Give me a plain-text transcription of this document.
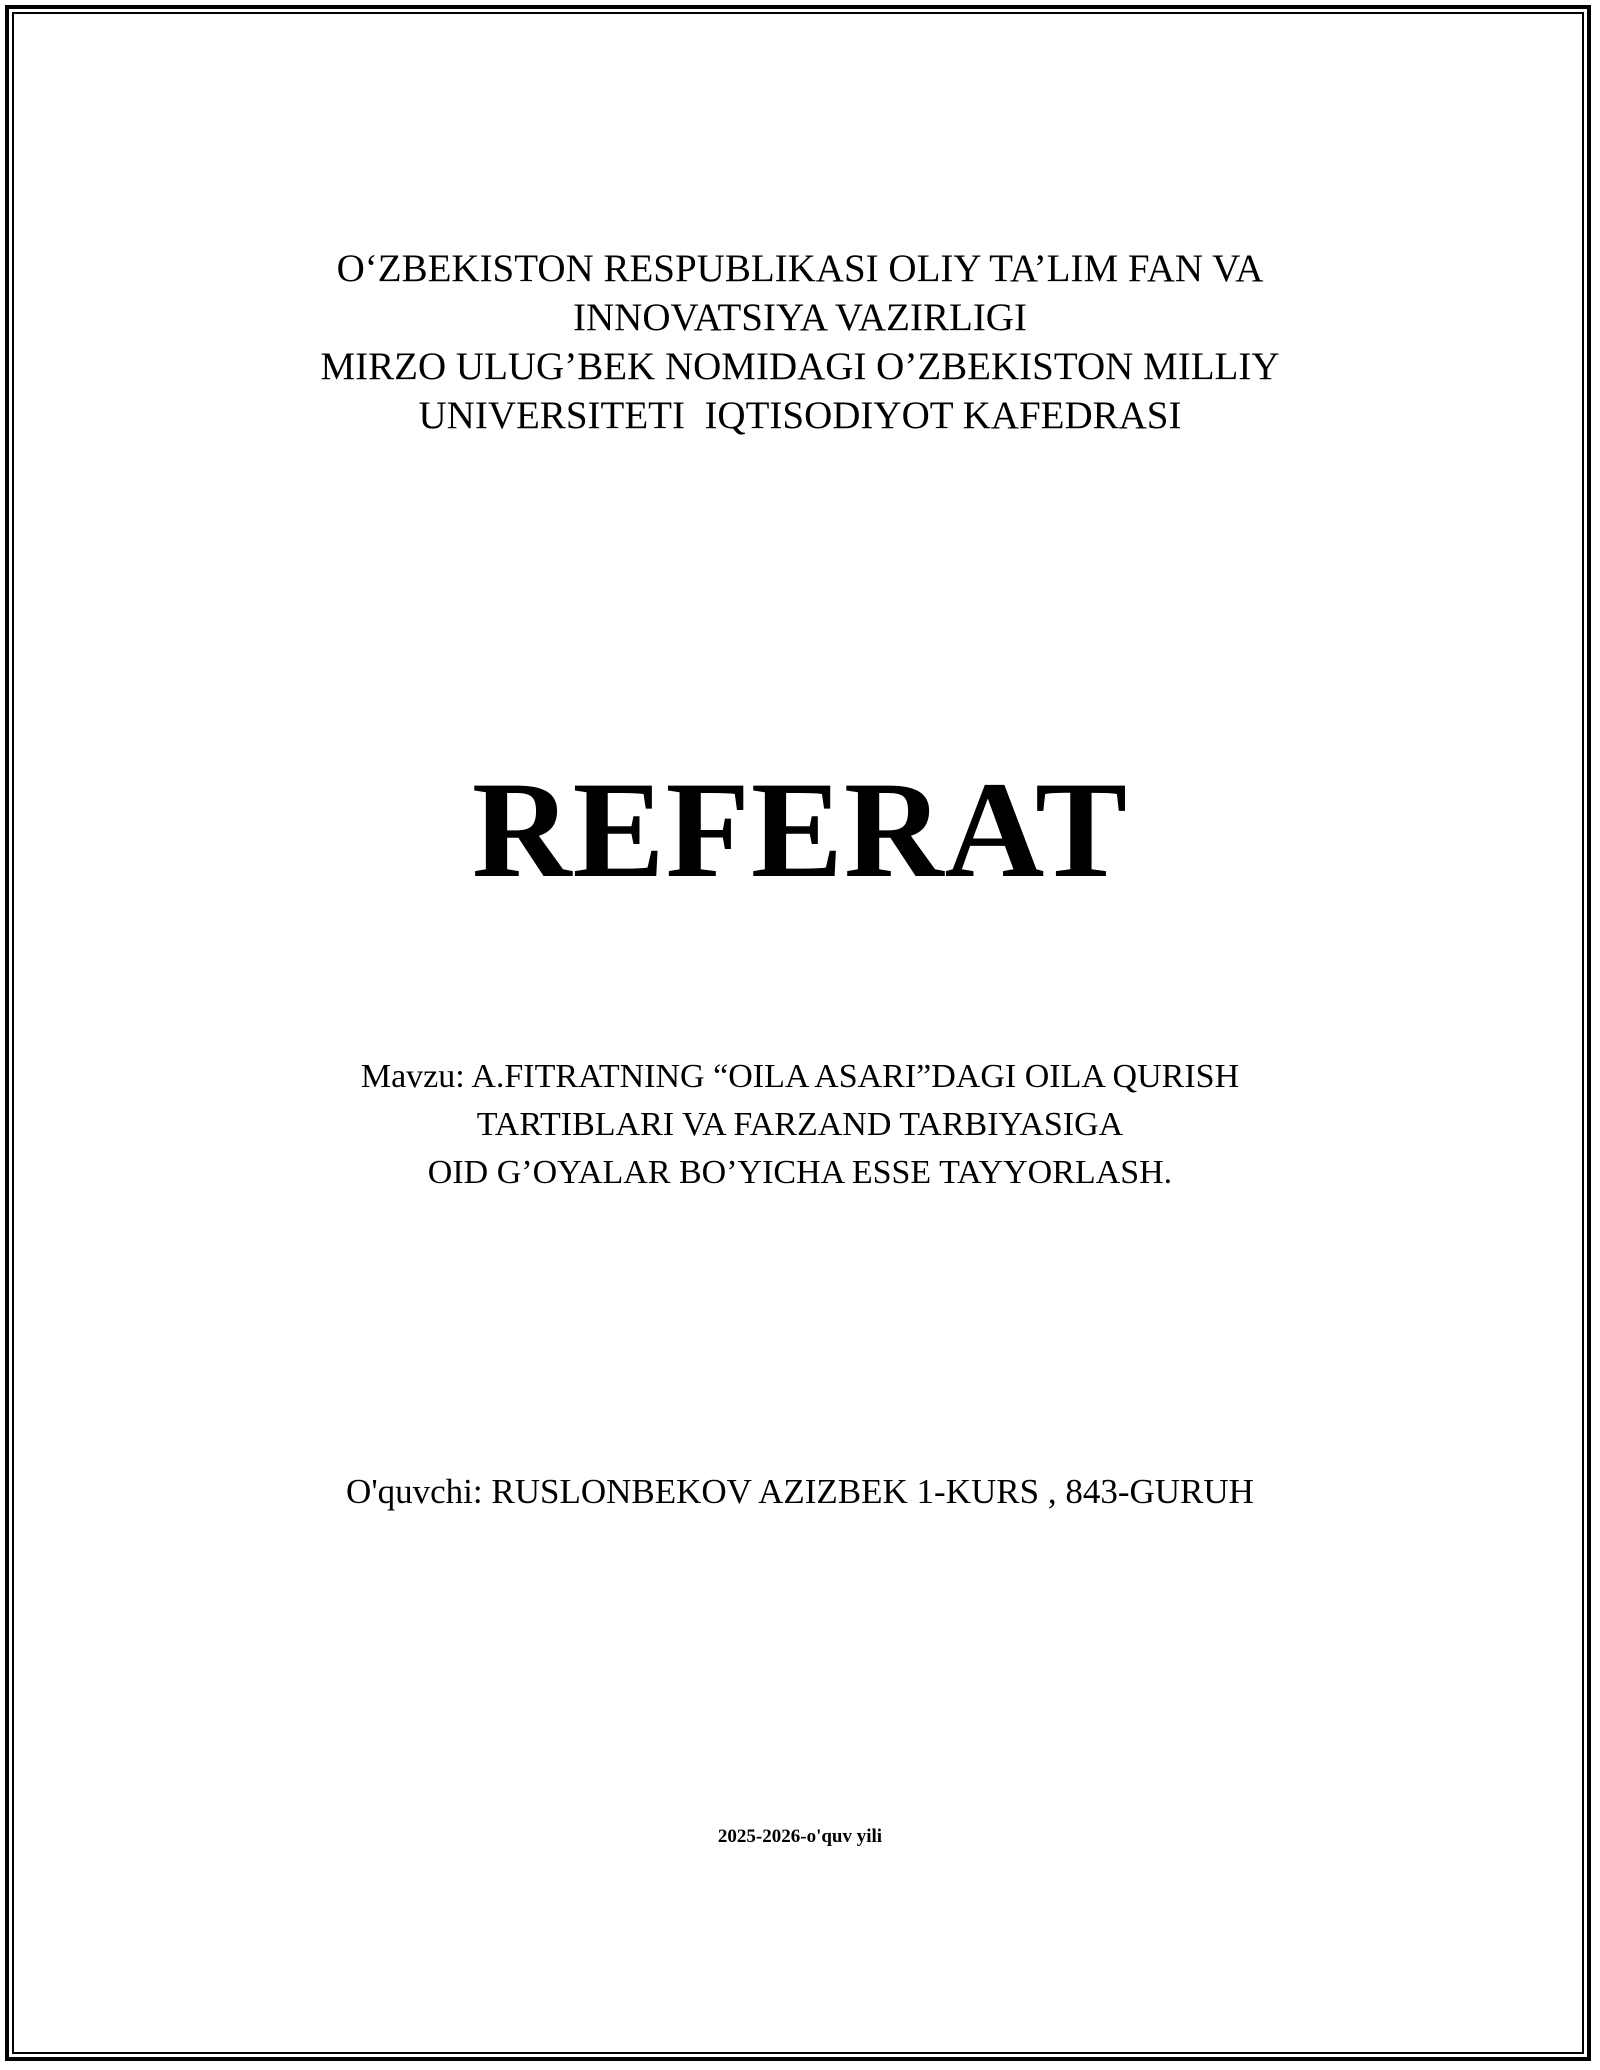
O‘ZBEKISTON RESPUBLIKASI OLIY TA’LIM FAN VA
INNOVATSIYA VAZIRLIGI
MIRZO ULUG’BEK NOMIDAGI O’ZBEKISTON MILLIY
UNIVERSITETI  IQTISODIYOT KAFEDRASI
REFERAT
Mavzu: A.FITRATNING “OILA ASARI”DAGI OILA QURISH
TARTIBLARI VA FARZAND TARBIYASIGA
OID G’OYALAR BO’YICHA ESSE TAYYORLASH.
O'quvchi: RUSLONBEKOV AZIZBEK 1-KURS , 843-GURUH
2025-2026-o'quv yili
